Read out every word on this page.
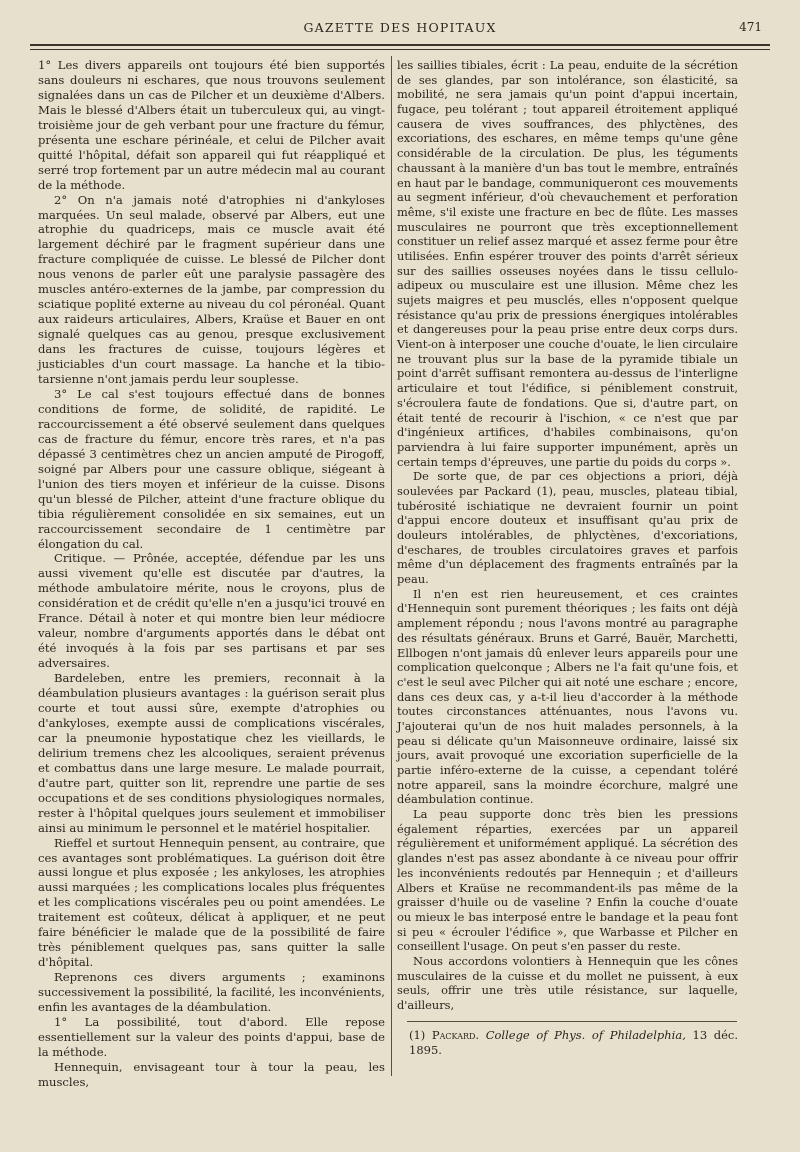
GAZETTE DES HOPITAUX	471

1° Les divers appareils ont toujours été bien supportés sans douleurs ni eschares, que nous trouvons seulement signalées dans un cas de Pilcher et un deuxième d'Albers. Mais le blessé d'Albers était un tuberculeux qui, au vingt-troisième jour de geh verbant pour une fracture du fémur, présenta une eschare périnéale, et celui de Pilcher avait quitté l'hôpital, défait son appareil qui fut réappliqué et serré trop fortement par un autre médecin mal au courant de la méthode.

2° On n'a jamais noté d'atrophies ni d'ankyloses marquées. Un seul malade, observé par Albers, eut une atrophie du quadriceps, mais ce muscle avait été largement déchiré par le fragment supérieur dans une fracture compliquée de cuisse. Le blessé de Pilcher dont nous venons de parler eût une paralysie passagère des muscles antéro-externes de la jambe, par compression du sciatique poplité externe au niveau du col péronéal. Quant aux raideurs articulaires, Albers, Kraüse et Bauer en ont signalé quelques cas au genou, presque exclusivement dans les fractures de cuisse, toujours légères et justiciables d'un court massage. La hanche et la tibio-tarsienne n'ont jamais perdu leur souplesse.

3° Le cal s'est toujours effectué dans de bonnes conditions de forme, de solidité, de rapidité. Le raccourcissement a été observé seulement dans quelques cas de fracture du fémur, encore très rares, et n'a pas dépassé 3 centimètres chez un ancien amputé de Pirogoff, soigné par Albers pour une cassure oblique, siégeant à l'union des tiers moyen et inférieur de la cuisse. Disons qu'un blessé de Pilcher, atteint d'une fracture oblique du tibia régulièrement consolidée en six semaines, eut un raccourcissement secondaire de 1 centimètre par élongation du cal.

Critique. — Prônée, acceptée, défendue par les uns aussi vivement qu'elle est discutée par d'autres, la méthode ambulatoire mérite, nous le croyons, plus de considération et de crédit qu'elle n'en a jusqu'ici trouvé en France. Détail à noter et qui montre bien leur médiocre valeur, nombre d'arguments apportés dans le débat ont été invoqués à la fois par ses partisans et par ses adversaires.

Bardeleben, entre les premiers, reconnait à la déambulation plusieurs avantages : la guérison serait plus courte et tout aussi sûre, exempte d'atrophies ou d'ankyloses, exempte aussi de complications viscérales, car la pneumonie hypostatique chez les vieillards, le delirium tremens chez les alcooliques, seraient prévenus et combattus dans une large mesure. Le malade pourrait, d'autre part, quitter son lit, reprendre une partie de ses occupations et de ses conditions physiologiques normales, rester à l'hôpital quelques jours seulement et immobiliser ainsi au minimum le personnel et le matériel hospitalier.

Rieffel et surtout Hennequin pensent, au contraire, que ces avantages sont problématiques. La guérison doit être aussi longue et plus exposée ; les ankyloses, les atrophies aussi marquées ; les complications locales plus fréquentes et les complications viscérales peu ou point amendées. Le traitement est coûteux, délicat à appliquer, et ne peut faire bénéficier le malade que de la possibilité de faire très péniblement quelques pas, sans quitter la salle d'hôpital.

Reprenons ces divers arguments ; examinons successivement la possibilité, la facilité, les inconvénients, enfin les avantages de la déambulation.

1° La possibilité, tout d'abord. Elle repose essentiellement sur la valeur des points d'appui, base de la méthode.

Hennequin, envisageant tour à tour la peau, les muscles,

les saillies tibiales, écrit : La peau, enduite de la sécrétion de ses glandes, par son intolérance, son élasticité, sa mobilité, ne sera jamais qu'un point d'appui incertain, fugace, peu tolérant ; tout appareil étroitement appliqué causera de vives souffrances, des phlyctènes, des excoriations, des eschares, en même temps qu'une gêne considérable de la circulation. De plus, les téguments chaussant à la manière d'un bas tout le membre, entraînés en haut par le bandage, communiqueront ces mouvements au segment inférieur, d'où chevauchement et perforation même, s'il existe une fracture en bec de flûte. Les masses musculaires ne pourront que très exceptionnellement constituer un relief assez marqué et assez ferme pour être utilisées. Enfin espérer trouver des points d'arrêt sérieux sur des saillies osseuses noyées dans le tissu cellulo-adipeux ou musculaire est une illusion. Même chez les sujets maigres et peu musclés, elles n'opposent quelque résistance qu'au prix de pressions énergiques intolérables et dangereuses pour la peau prise entre deux corps durs. Vient-on à interposer une couche d'ouate, le lien circulaire ne trouvant plus sur la base de la pyramide tibiale un point d'arrêt suffisant remontera au-dessus de l'interligne articulaire et tout l'édifice, si péniblement construit, s'écroulera faute de fondations. Que si, d'autre part, on était tenté de recourir à l'ischion, « ce n'est que par d'ingénieux artifices, d'habiles combinaisons, qu'on parviendra à lui faire supporter impunément, après un certain temps d'épreuves, une partie du poids du corps ».

De sorte que, de par ces objections a priori, déjà soulevées par Packard (1), peau, muscles, plateau tibial, tubérosité ischiatique ne devraient fournir un point d'appui encore douteux et insuffisant qu'au prix de douleurs intolérables, de phlyctènes, d'excoriations, d'eschares, de troubles circulatoires graves et parfois même d'un déplacement des fragments entraînés par la peau.

Il n'en est rien heureusement, et ces craintes d'Hennequin sont purement théoriques ; les faits ont déjà amplement répondu ; nous l'avons montré au paragraphe des résultats généraux. Bruns et Garré, Bauër, Marchetti, Ellbogen n'ont jamais dû enlever leurs appareils pour une complication quelconque ; Albers ne l'a fait qu'une fois, et c'est le seul avec Pilcher qui ait noté une eschare ; encore, dans ces deux cas, y a-t-il lieu d'accorder à la méthode toutes circonstances atténuantes, nous l'avons vu. J'ajouterai qu'un de nos huit malades personnels, à la peau si délicate qu'un Maisonneuve ordinaire, laissé six jours, avait provoqué une excoriation superficielle de la partie inféro-externe de la cuisse, a cependant toléré notre appareil, sans la moindre écorchure, malgré une déambulation continue.

La peau supporte donc très bien les pressions également réparties, exercées par un appareil régulièrement et uniformément appliqué. La sécrétion des glandes n'est pas assez abondante à ce niveau pour offrir les inconvénients redoutés par Hennequin ; et d'ailleurs Albers et Kraüse ne recommandent-ils pas même de la graisser d'huile ou de vaseline ? Enfin la couche d'ouate ou mieux le bas interposé entre le bandage et la peau font si peu « écrouler l'édifice », que Warbasse et Pilcher en conseillent l'usage. On peut s'en passer du reste.

Nous accordons volontiers à Hennequin que les cônes musculaires de la cuisse et du mollet ne puissent, à eux seuls, offrir une très utile résistance, sur laquelle, d'ailleurs,

(1) Packard. College of Phys. of Philadelphia, 13 déc. 1895.
